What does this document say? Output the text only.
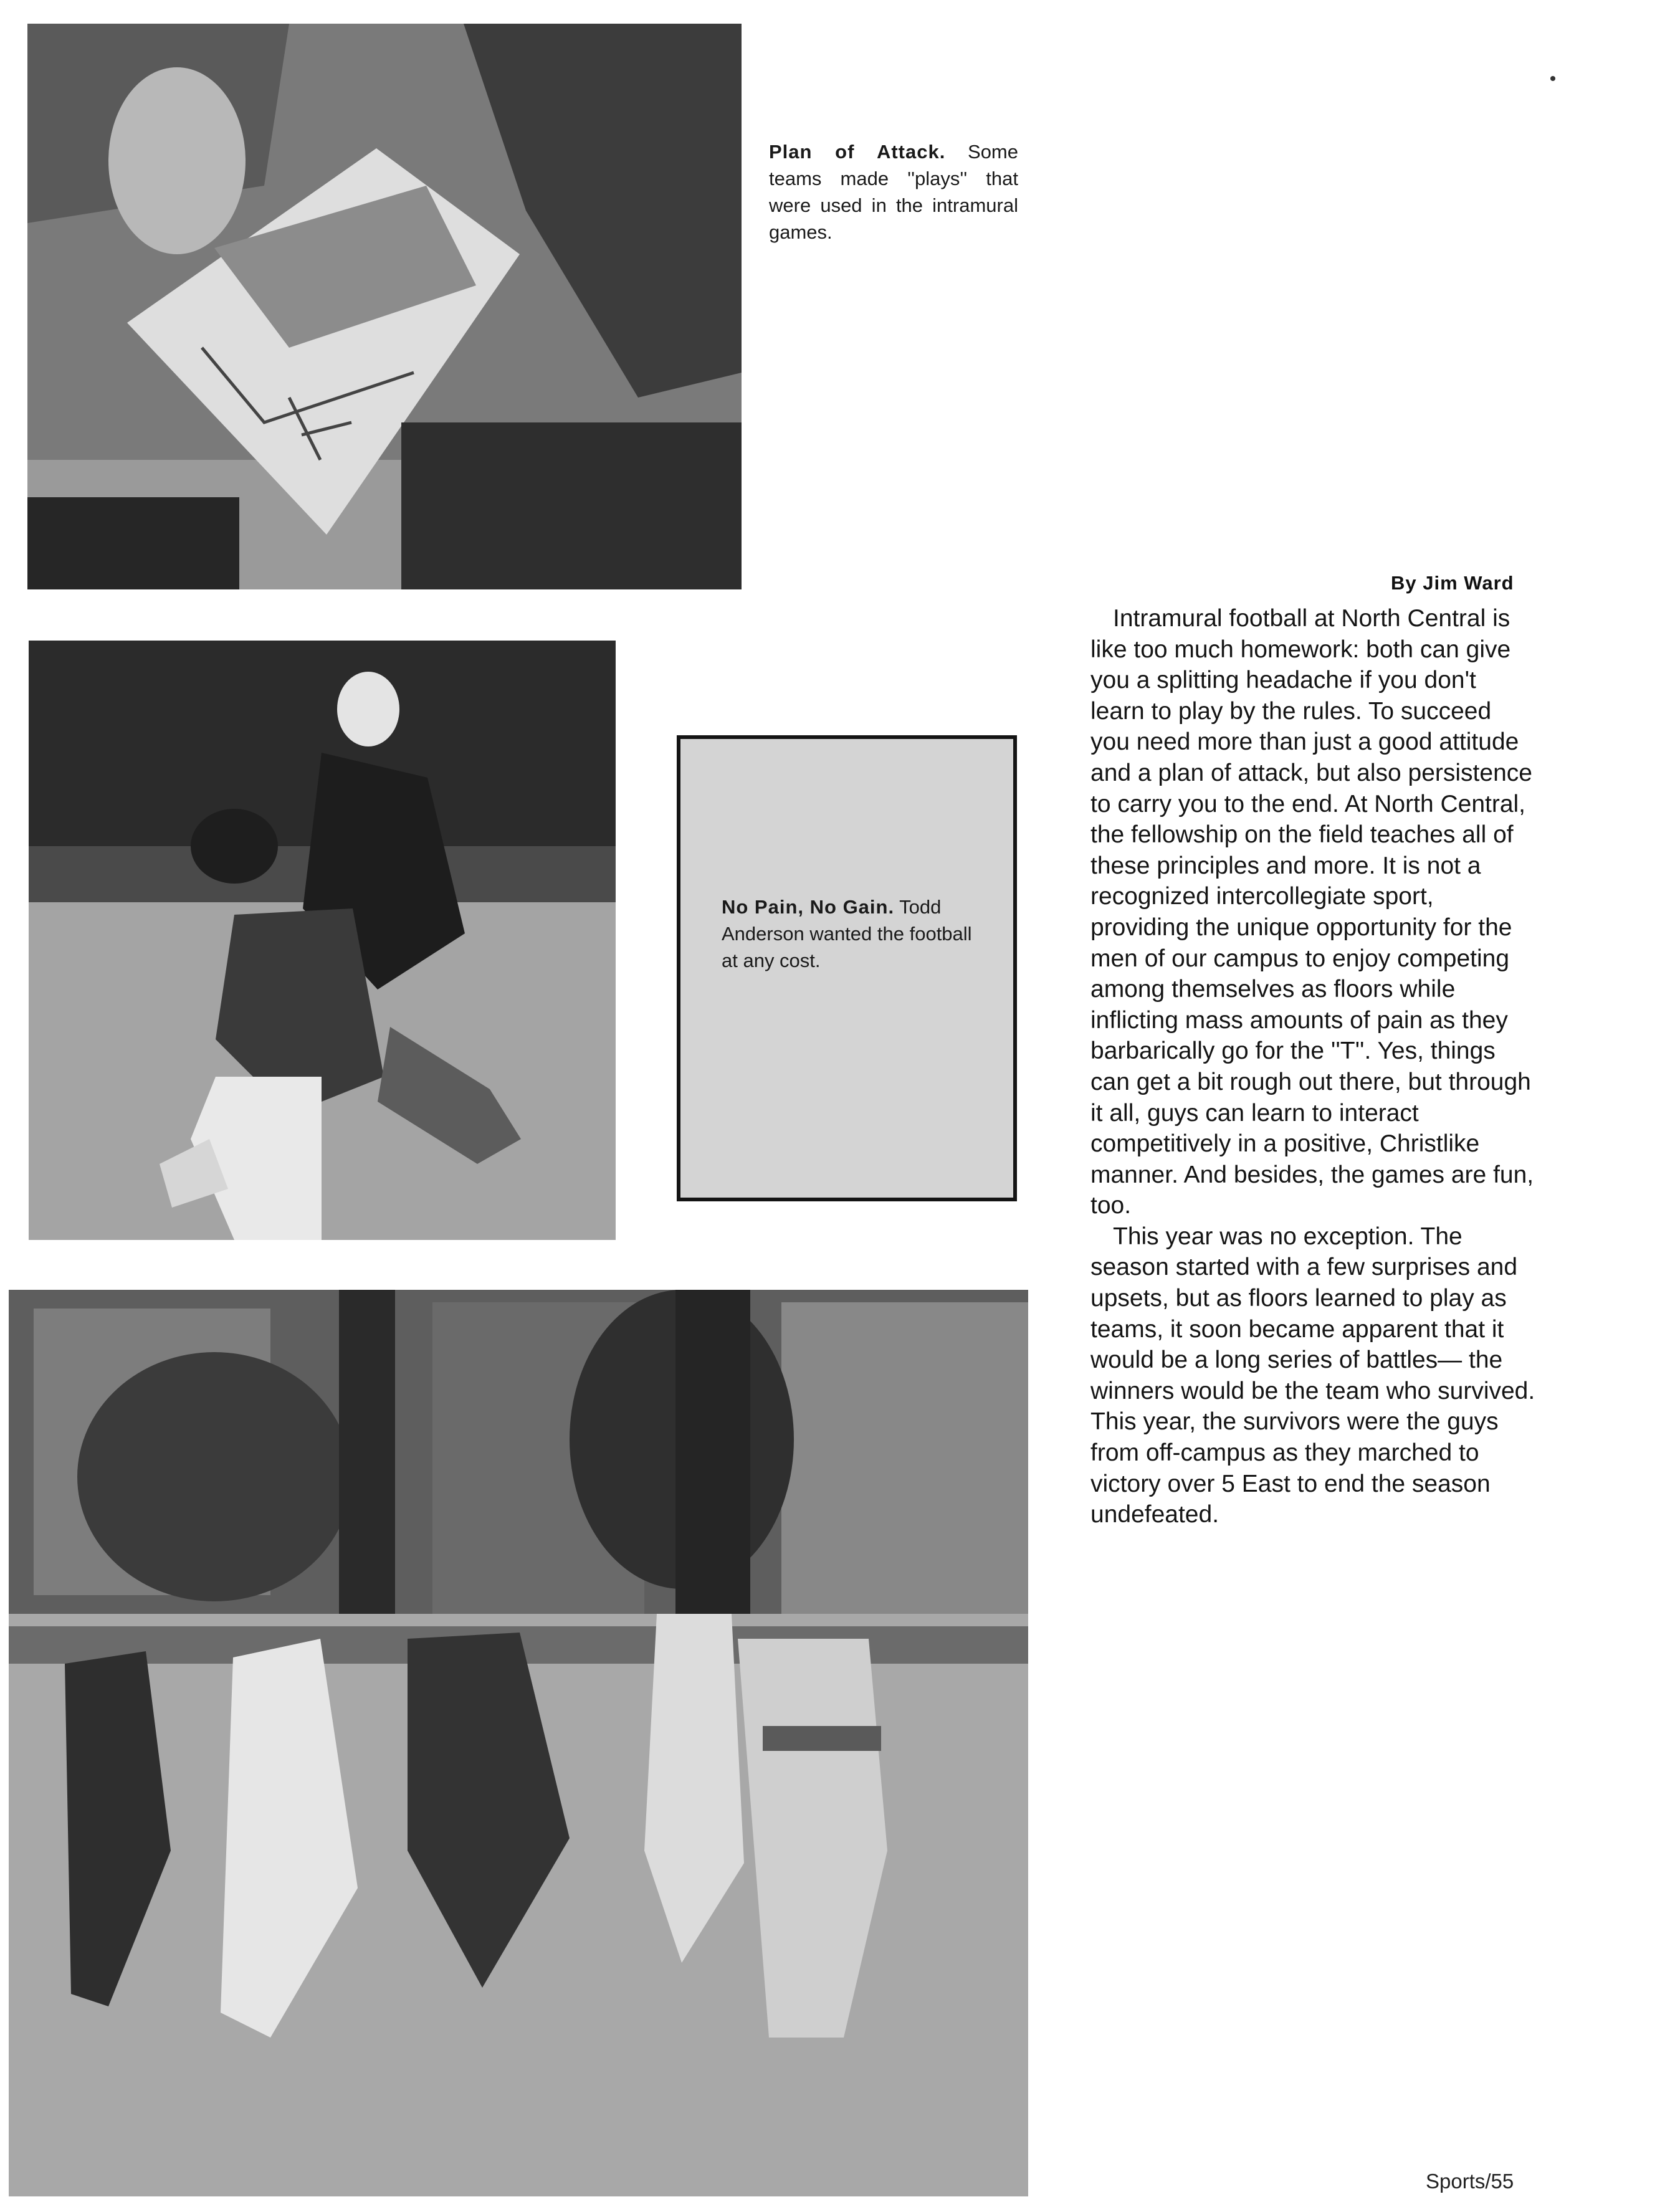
Plan of Attack. Some teams made ''plays'' that were used in the intramural games.
No Pain, No Gain. Todd Anderson wanted the football at any cost.
By Jim Ward

Intramural football at North Central is like too much homework: both can give you a splitting headache if you don't learn to play by the rules. To succeed you need more than just a good attitude and a plan of attack, but also persistence to carry you to the end. At North Central, the fellowship on the field teaches all of these principles and more. It is not a recognized intercollegiate sport, providing the unique opportunity for the men of our campus to enjoy competing among themselves as floors while inflicting mass amounts of pain as they barbarically go for the ''T''. Yes, things can get a bit rough out there, but through it all, guys can learn to interact competitively in a positive, Christlike manner. And besides, the games are fun, too.

This year was no exception. The season started with a few surprises and upsets, but as floors learned to play as teams, it soon became apparent that it would be a long series of battles— the winners would be the team who survived. This year, the survivors were the guys from off-campus as they marched to victory over 5 East to end the season undefeated.

Sports/55
